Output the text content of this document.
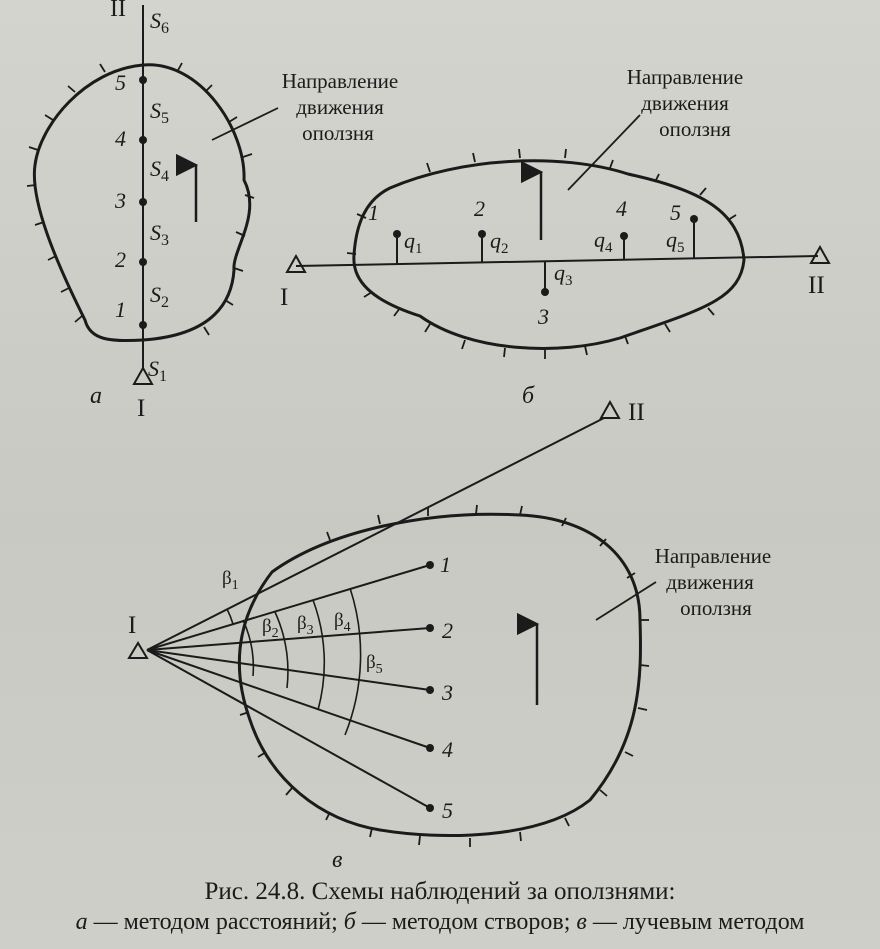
II
I
1
2
3
4
5
$S_1$
$S_2$
$S_3$
$S_4$
$S_5$
$S_6$
Направление
движения
оползня
а
I	II
1	2
3
4 5
$q_1$	$q_2$
$q_3$
$q_4$ $q_5$
Направление
движения
оползня
б
I
II
1
2
3
4
5
$\beta_1$
$\beta_2$ $\beta_3$ $\beta_4$
$\beta_5$
Направление
движения
оползня
в
Рис. 24.8. Схемы наблюдений за оползнями:
а — методом расстояний; б — методом створов; в — лучевым методом
